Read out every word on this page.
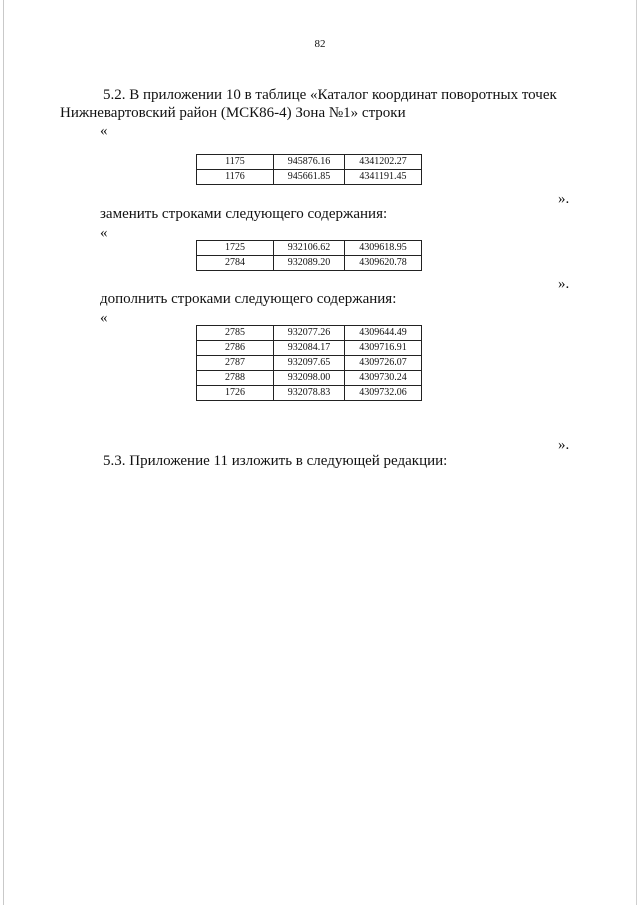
82
5.2. В приложении 10 в таблице «Каталог координат поворотных точек
Нижневартовский район (МСК86-4) Зона №1» строки
«
1175	945876.16	4341202.27
1176	945661.85	4341191.45
».
заменить строками следующего содержания:
«
1725	932106.62	4309618.95
2784	932089.20	4309620.78
».
дополнить строками следующего содержания:
«
2785	932077.26	4309644.49
2786	932084.17	4309716.91
2787	932097.65	4309726.07
2788	932098.00	4309730.24
1726	932078.83	4309732.06
».
5.3. Приложение 11 изложить в следующей редакции:
